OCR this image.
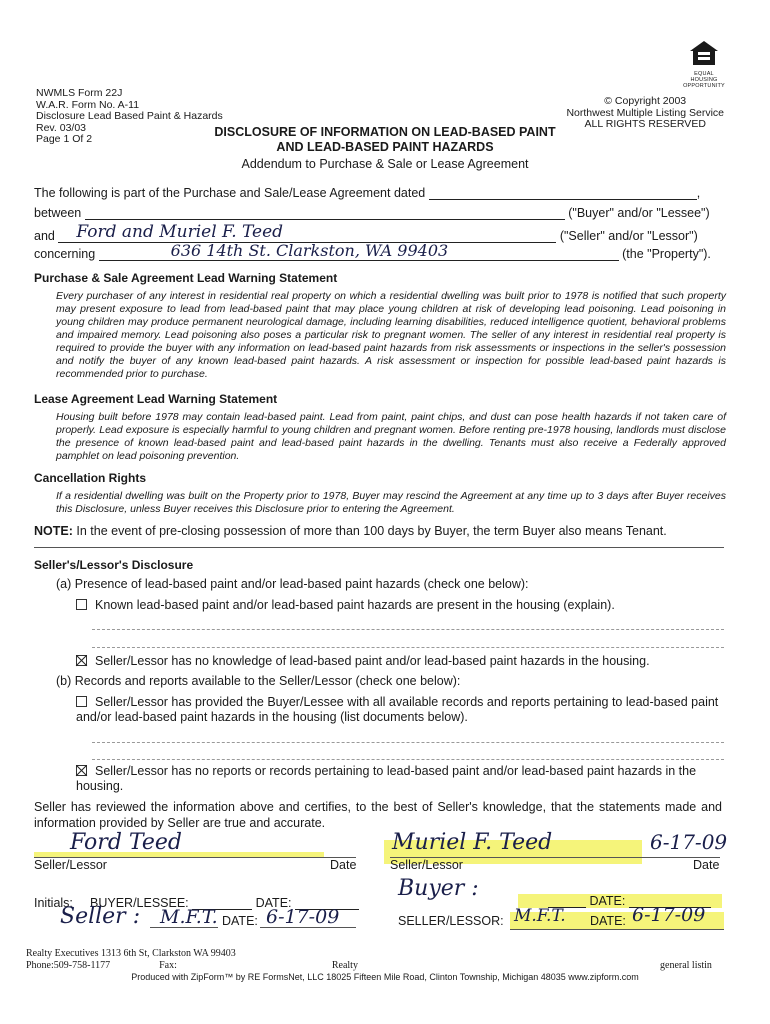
EQUAL HOUSING
OPPORTUNITY
NWMLS Form 22J
W.A.R. Form No. A-11
Disclosure Lead Based Paint & Hazards
Rev. 03/03
Page 1 Of 2
© Copyright 2003
Northwest Multiple Listing Service
ALL RIGHTS RESERVED
DISCLOSURE OF INFORMATION ON LEAD-BASED PAINT
AND LEAD-BASED PAINT HAZARDS
Addendum to Purchase & Sale or Lease Agreement
The following is part of the Purchase and Sale/Lease Agreement dated	,
between	("Buyer" and/or "Lessee")
and Ford and Muriel F. Teed	("Seller" and/or "Lessor")
concerning	636 14th St. Clarkston, WA 99403	(the "Property").
Purchase & Sale Agreement Lead Warning Statement
Every purchaser of any interest in residential real property on which a residential dwelling was built prior to 1978 is notified that such property may present exposure to lead from lead-based paint that may place young children at risk of developing lead poisoning. Lead poisoning in young children may produce permanent neurological damage, including learning disabilities, reduced intelligence quotient, behavioral problems and impaired memory. Lead poisoning also poses a particular risk to pregnant women. The seller of any interest in residential real property is required to provide the buyer with any information on lead-based paint hazards from risk assessments or inspections in the seller's possession and notify the buyer of any known lead-based paint hazards. A risk assessment or inspection for possible lead-based paint hazards is recommended prior to purchase.
Lease Agreement Lead Warning Statement
Housing built before 1978 may contain lead-based paint. Lead from paint, paint chips, and dust can pose health hazards if not taken care of properly. Lead exposure is especially harmful to young children and pregnant women. Before renting pre-1978 housing, landlords must disclose the presence of known lead-based paint and lead-based paint hazards in the dwelling. Tenants must also receive a Federally approved pamphlet on lead poisoning prevention.
Cancellation Rights
If a residential dwelling was built on the Property prior to 1978, Buyer may rescind the Agreement at any time up to 3 days after Buyer receives this Disclosure, unless Buyer receives this Disclosure prior to entering the Agreement.
NOTE: In the event of pre-closing possession of more than 100 days by Buyer, the term Buyer also means Tenant.
Seller's/Lessor's Disclosure
(a) Presence of lead-based paint and/or lead-based paint hazards (check one below):
Known lead-based paint and/or lead-based paint hazards are present in the housing (explain).
Seller/Lessor has no knowledge of lead-based paint and/or lead-based paint hazards in the housing.
(b) Records and reports available to the Seller/Lessor (check one below):
Seller/Lessor has provided the Buyer/Lessee with all available records and reports pertaining to lead-based paint and/or lead-based paint hazards in the housing (list documents below).
Seller/Lessor has no reports or records pertaining to lead-based paint and/or lead-based paint hazards in the housing.
Seller has reviewed the information above and certifies, to the best of Seller's knowledge, that the statements made and information provided by Seller are true and accurate.
Ford Teed
Seller/Lessor	Date
Muriel F. Teed	6-17-09
Seller/Lessor	Date
Initials: BUYER/LESSEE:	DATE:
Seller : M.F.T. DATE: 6-17-09
Buyer :	DATE:
SELLER/LESSOR: M.F.T. DATE: 6-17-09
Realty Executives 1313 6th St, Clarkston WA 99403
Phone:509-758-1177	Fax:	Realty	general listin
Produced with ZipForm™ by RE FormsNet, LLC 18025 Fifteen Mile Road, Clinton Township, Michigan 48035 www.zipform.com
